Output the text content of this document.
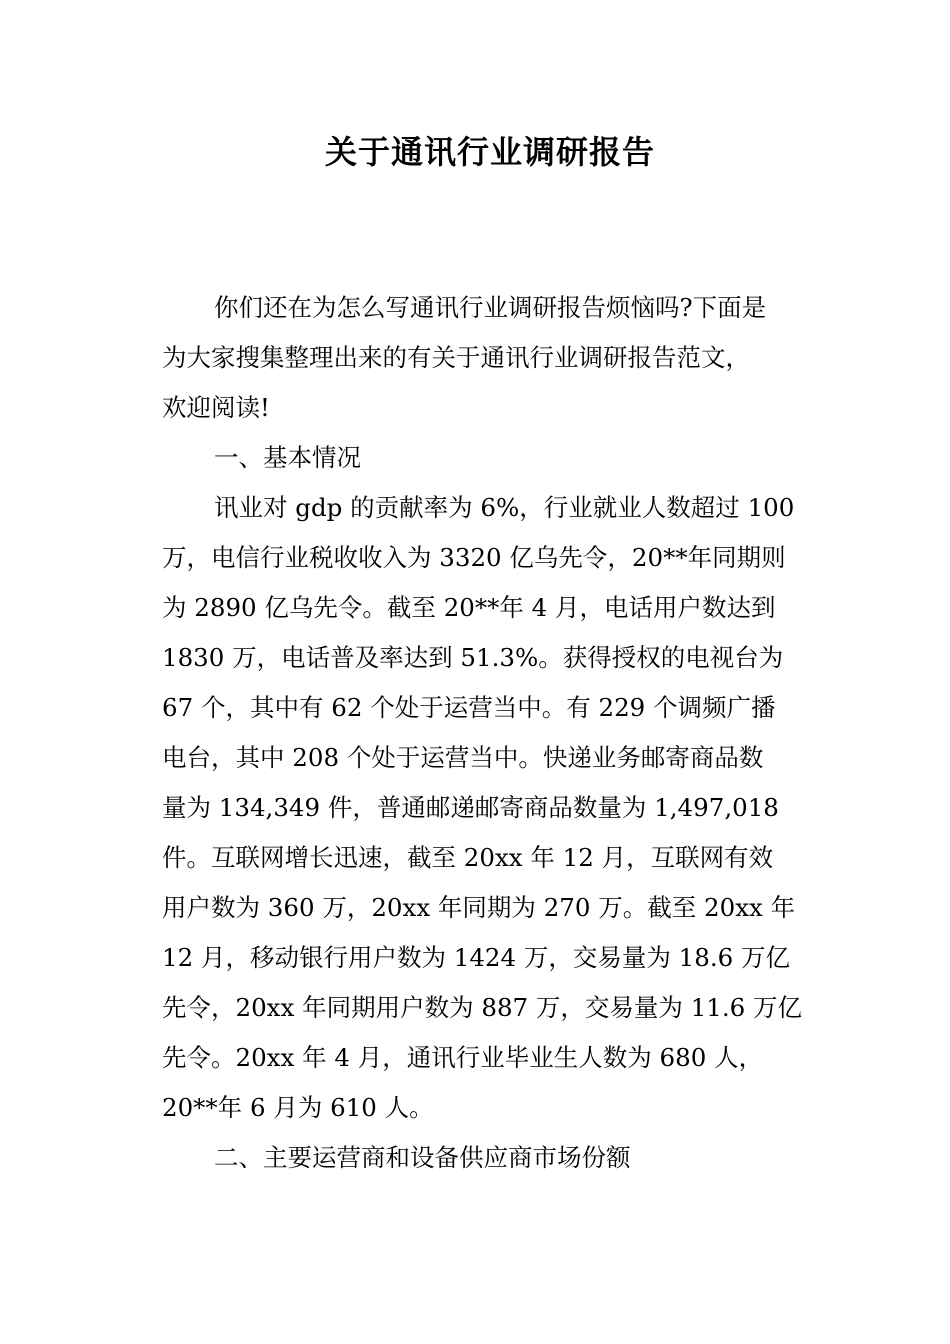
关于通讯行业调研报告
你们还在为怎么写通讯行业调研报告烦恼吗?下面是
为大家搜集整理出来的有关于通讯行业调研报告范文，
欢迎阅读!
一、基本情况
讯业对 gdp 的贡献率为 6%，行业就业人数超过 100
万，电信行业税收收入为 3320 亿乌先令，20**年同期则
为 2890 亿乌先令。截至 20**年 4 月，电话用户数达到
1830 万，电话普及率达到 51.3%。获得授权的电视台为
67 个，其中有 62 个处于运营当中。有 229 个调频广播
电台，其中 208 个处于运营当中。快递业务邮寄商品数
量为 134,349 件，普通邮递邮寄商品数量为 1,497,018
件。互联网增长迅速，截至 20xx 年 12 月，互联网有效
用户数为 360 万，20xx 年同期为 270 万。截至 20xx 年
12 月，移动银行用户数为 1424 万，交易量为 18.6 万亿
先令，20xx 年同期用户数为 887 万，交易量为 11.6 万亿
先令。20xx 年 4 月，通讯行业毕业生人数为 680 人，
20**年 6 月为 610 人。
二、主要运营商和设备供应商市场份额
